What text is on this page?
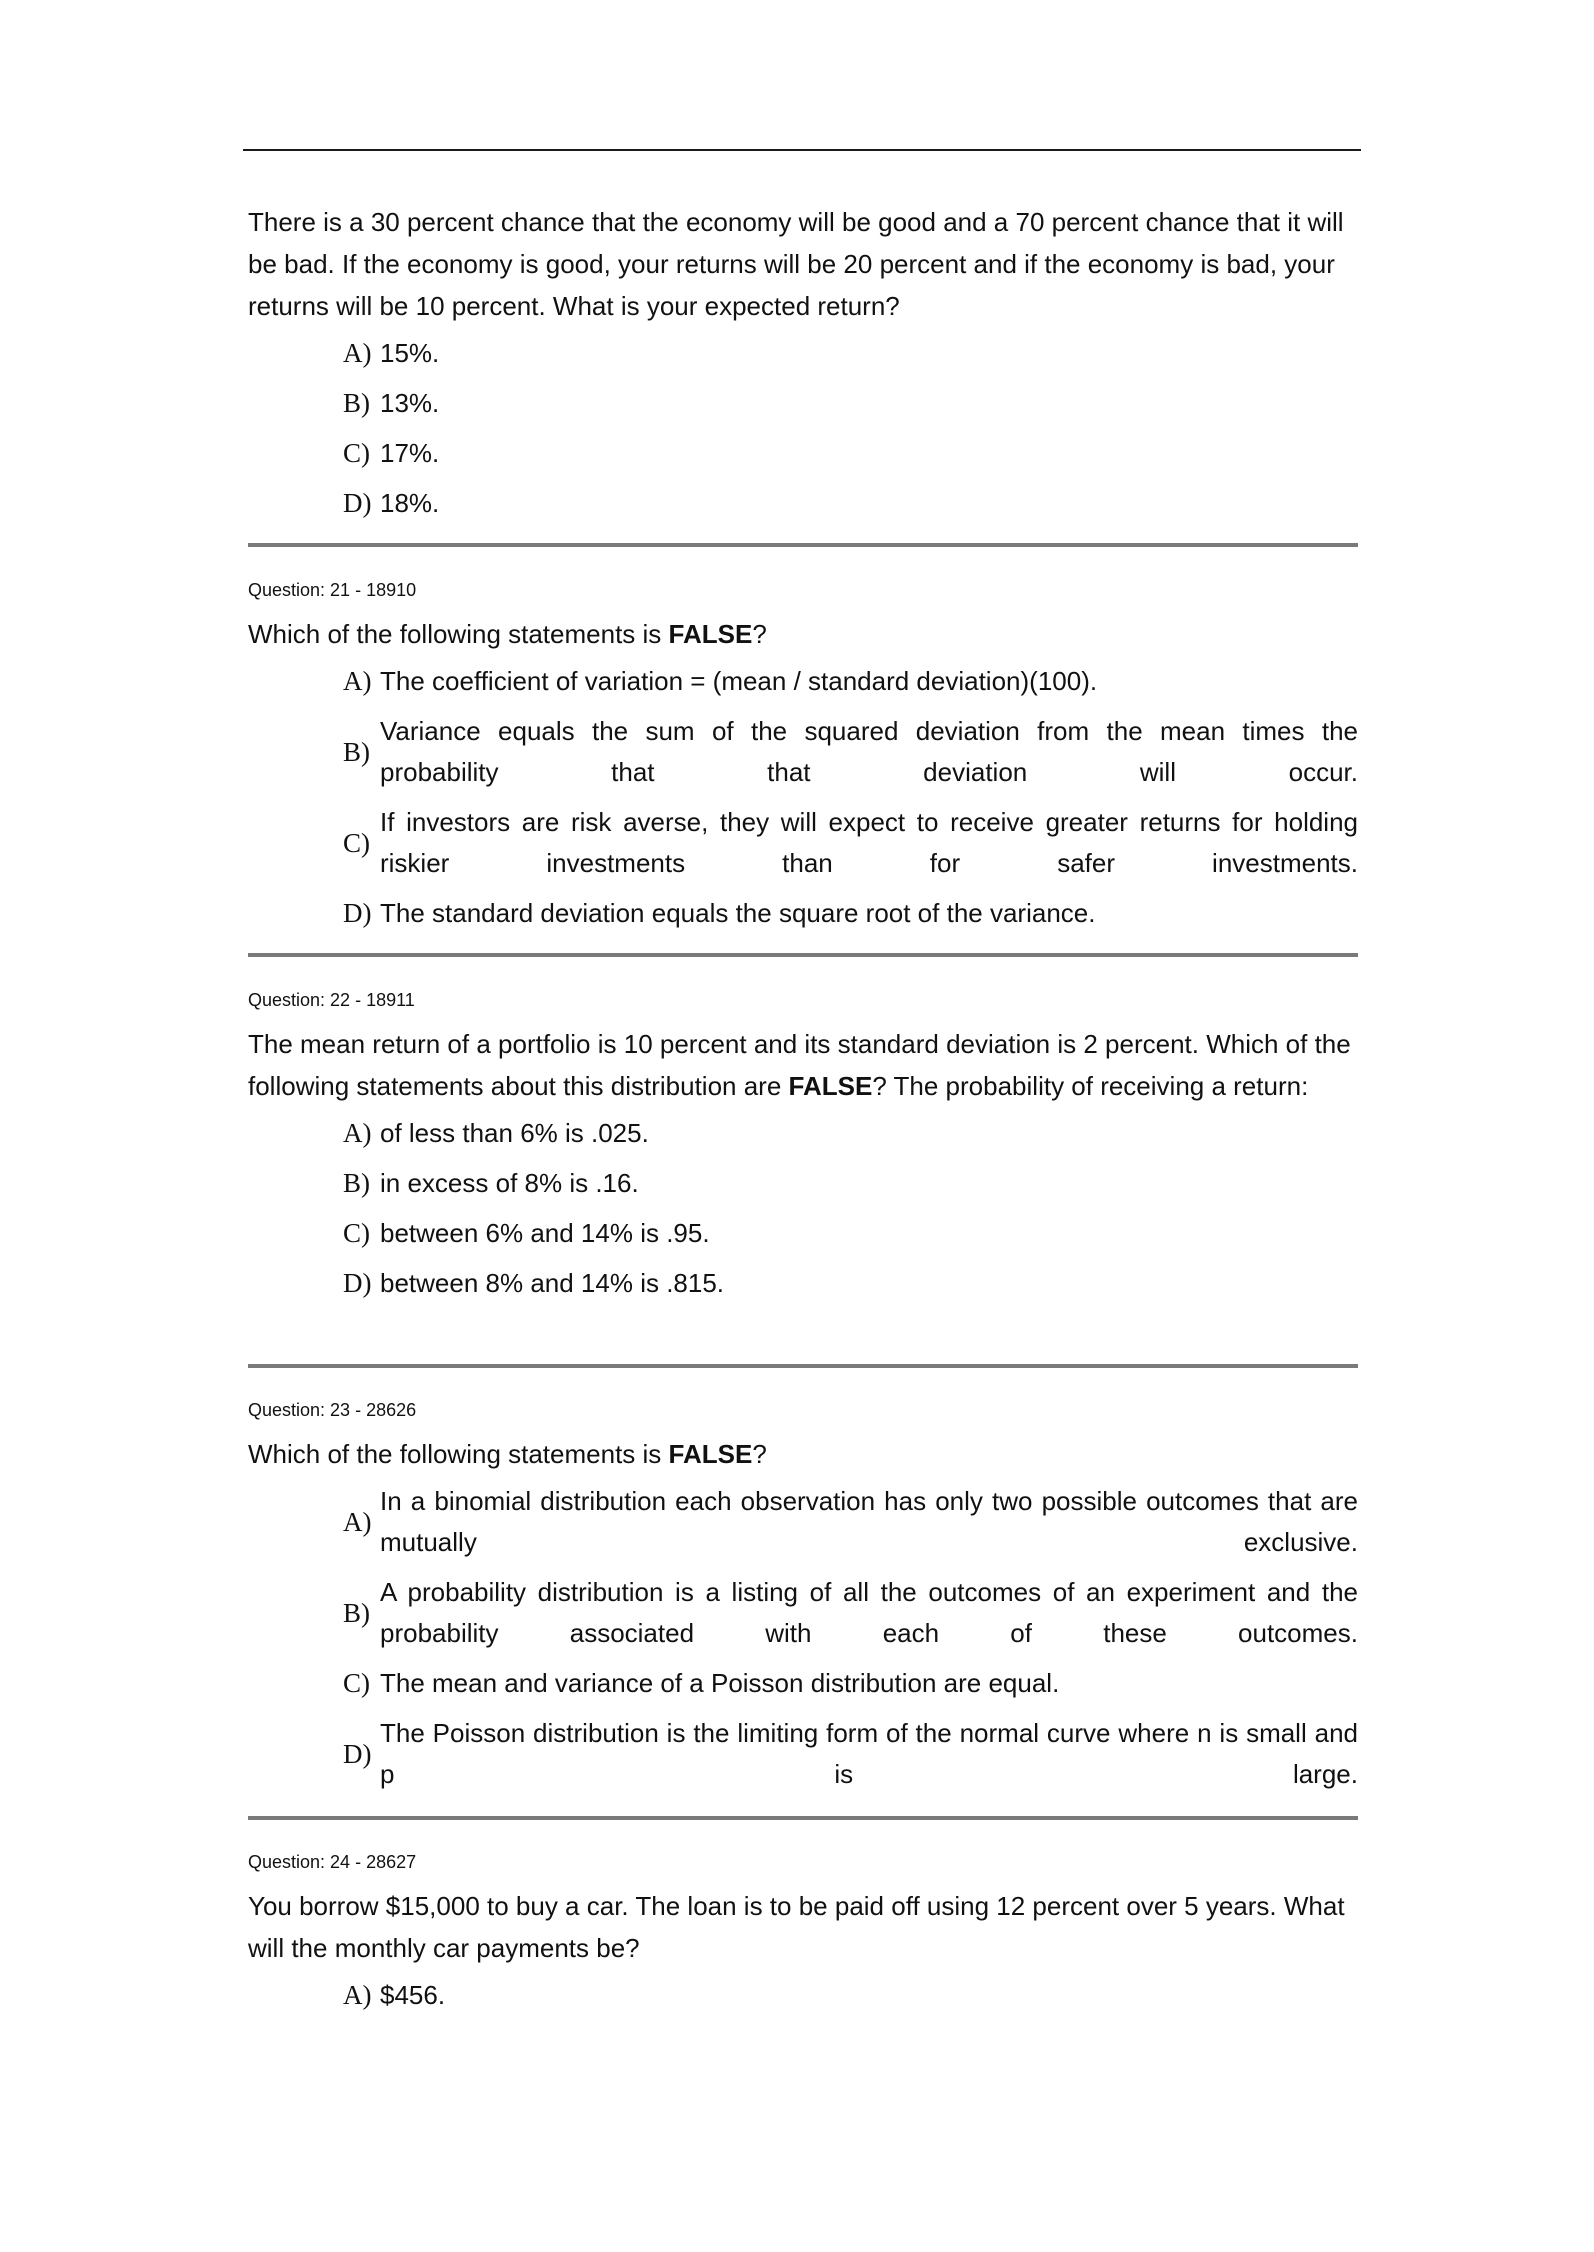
There is a 30 percent chance that the economy will be good and a 70 percent chance that it will be bad. If the economy is good, your returns will be 20 percent and if the economy is bad, your returns will be 10 percent. What is your expected return?
A) 15%.
B) 13%.
C) 17%.
D) 18%.
Question: 21 - 18910
Which of the following statements is FALSE?
A) The coefficient of variation = (mean / standard deviation)(100).
B)
Variance equals the sum of the squared deviation from the mean times the probability that that deviation will occur.
C)
If investors are risk averse, they will expect to receive greater returns for holding riskier investments than for safer investments.
D) The standard deviation equals the square root of the variance.
Question: 22 - 18911
The mean return of a portfolio is 10 percent and its standard deviation is 2 percent. Which of the following statements about this distribution are FALSE? The probability of receiving a return:
A) of less than 6% is .025.
B) in excess of 8% is .16.
C) between 6% and 14% is .95.
D) between 8% and 14% is .815.
Question: 23 - 28626
Which of the following statements is FALSE?
A)
In a binomial distribution each observation has only two possible outcomes that are mutually exclusive.
B)
A probability distribution is a listing of all the outcomes of an experiment and the probability associated with each of these outcomes.
C) The mean and variance of a Poisson distribution are equal.
D)
The Poisson distribution is the limiting form of the normal curve where n is small and p is large.
Question: 24 - 28627
You borrow $15,000 to buy a car. The loan is to be paid off using 12 percent over 5 years. What will the monthly car payments be?
A) $456.
